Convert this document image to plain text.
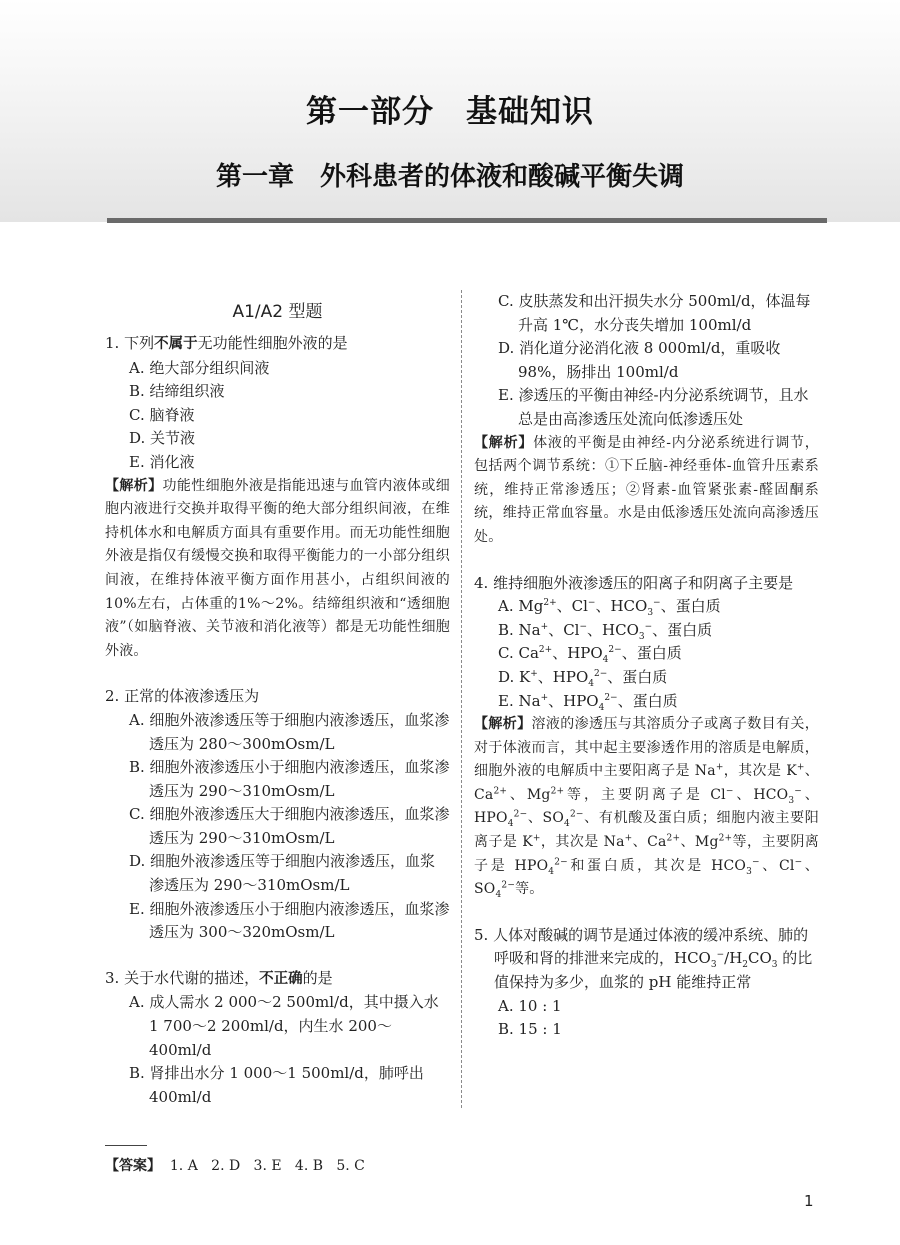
第一部分　基础知识
第一章　外科患者的体液和酸碱平衡失调
A1/A2 型题
1. 下列不属于无功能性细胞外液的是
A. 绝大部分组织间液
B. 结缔组织液
C. 脑脊液
D. 关节液
E. 消化液
【解析】功能性细胞外液是指能迅速与血管内液体或细胞内液进行交换并取得平衡的绝大部分组织间液，在维持机体水和电解质方面具有重要作用。而无功能性细胞外液是指仅有缓慢交换和取得平衡能力的一小部分组织间液，在维持体液平衡方面作用甚小，占组织间液的10%左右，占体重的1%～2%。结缔组织液和“透细胞液”（如脑脊液、关节液和消化液等）都是无功能性细胞外液。
2. 正常的体液渗透压为
A. 细胞外液渗透压等于细胞内液渗透压，血浆渗透压为 280～300mOsm/L
B. 细胞外液渗透压小于细胞内液渗透压，血浆渗透压为 290～310mOsm/L
C. 细胞外液渗透压大于细胞内液渗透压，血浆渗透压为 290～310mOsm/L
D. 细胞外液渗透压等于细胞内液渗透压，血浆渗透压为 290～310mOsm/L
E. 细胞外液渗透压小于细胞内液渗透压，血浆渗透压为 300～320mOsm/L
3. 关于水代谢的描述，不正确的是
A. 成人需水 2 000～2 500ml/d，其中摄入水 1 700～2 200ml/d，内生水 200～400ml/d
B. 肾排出水分 1 000～1 500ml/d，肺呼出 400ml/d
C. 皮肤蒸发和出汗损失水分 500ml/d，体温每升高 1℃，水分丧失增加 100ml/d
D. 消化道分泌消化液 8 000ml/d，重吸收 98%，肠排出 100ml/d
E. 渗透压的平衡由神经-内分泌系统调节，且水总是由高渗透压处流向低渗透压处
【解析】体液的平衡是由神经-内分泌系统进行调节，包括两个调节系统：①下丘脑-神经垂体-血管升压素系统，维持正常渗透压；②肾素-血管紧张素-醛固酮系统，维持正常血容量。水是由低渗透压处流向高渗透压处。
4. 维持细胞外液渗透压的阳离子和阴离子主要是
A. $Mg^{2+}$、Cl−、$HCO_3^-$、蛋白质
B. Na+、Cl−、$HCO_3^-$、蛋白质
C. $Ca^{2+}$、$HPO_4^{2-}$、蛋白质
D. K+、$HPO_4^{2-}$、蛋白质
E. Na+、$HPO_4^{2-}$、蛋白质
【解析】溶液的渗透压与其溶质分子或离子数目有关，对于体液而言，其中起主要渗透作用的溶质是电解质，细胞外液的电解质中主要阳离子是 Na+，其次是 K+、$Ca^{2+}$、$Mg^{2+}$等，主要阴离子是 Cl−、$HCO_3^-$、$HPO_4^{2-}$、$SO_4^{2-}$、有机酸及蛋白质；细胞内液主要阳离子是 K+，其次是 Na+、$Ca^{2+}$、$Mg^{2+}$等，主要阴离子是 $HPO_4^{2-}$和蛋白质，其次是 $HCO_3^-$、Cl−、$SO_4^{2-}$等。
5. 人体对酸碱的调节是通过体液的缓冲系统、肺的呼吸和肾的排泄来完成的，$HCO_3^-/H_2CO_3$ 的比值保持为多少，血浆的 pH 能维持正常
A. 10 : 1
B. 15 : 1
【答案】  1. A   2. D   3. E   4. B   5. C
1
